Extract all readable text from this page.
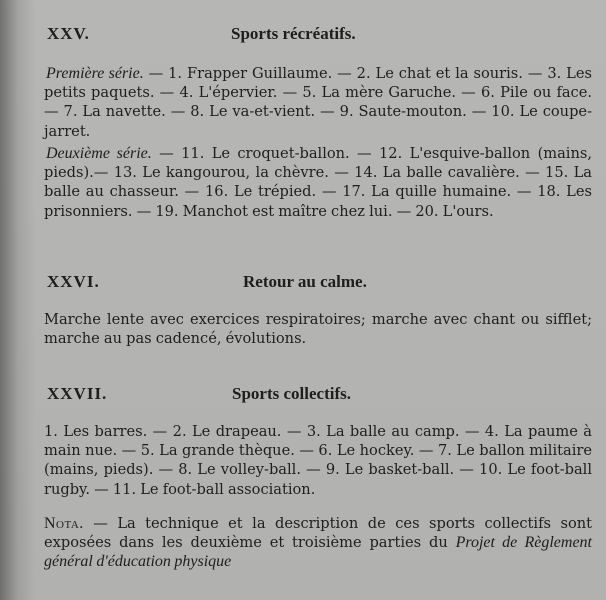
XXV.	Sports récréatifs.

Première série. — 1. Frapper Guillaume. — 2. Le chat et la souris. — 3. Les petits paquets. — 4. L'épervier. — 5. La mère Garuche. — 6. Pile ou face. — 7. La navette. — 8. Le va-et-vient. — 9. Saute-mouton. — 10. Le coupe-jarret.

Deuxième série. — 11. Le croquet-ballon. — 12. L'esquive-ballon (mains, pieds).— 13. Le kangourou, la chèvre. — 14. La balle cavalière. — 15. La balle au chasseur. — 16. Le trépied. — 17. La quille humaine. — 18. Les prisonniers. — 19. Manchot est maître chez lui. — 20. L'ours.

XXVI.	Retour au calme.

Marche lente avec exercices respiratoires; marche avec chant ou sifflet; marche au pas cadencé, évolutions.

XXVII.	Sports collectifs.

1. Les barres. — 2. Le drapeau. — 3. La balle au camp. — 4. La paume à main nue. — 5. La grande thèque. — 6. Le hockey. — 7. Le ballon militaire (mains, pieds). — 8. Le volley-ball. — 9. Le basket-ball. — 10. Le foot-ball rugby. — 11. Le foot-ball association.

Nota. — La technique et la description de ces sports collectifs sont exposées dans les deuxième et troisième parties du Projet de Règlement général d'éducation physique
